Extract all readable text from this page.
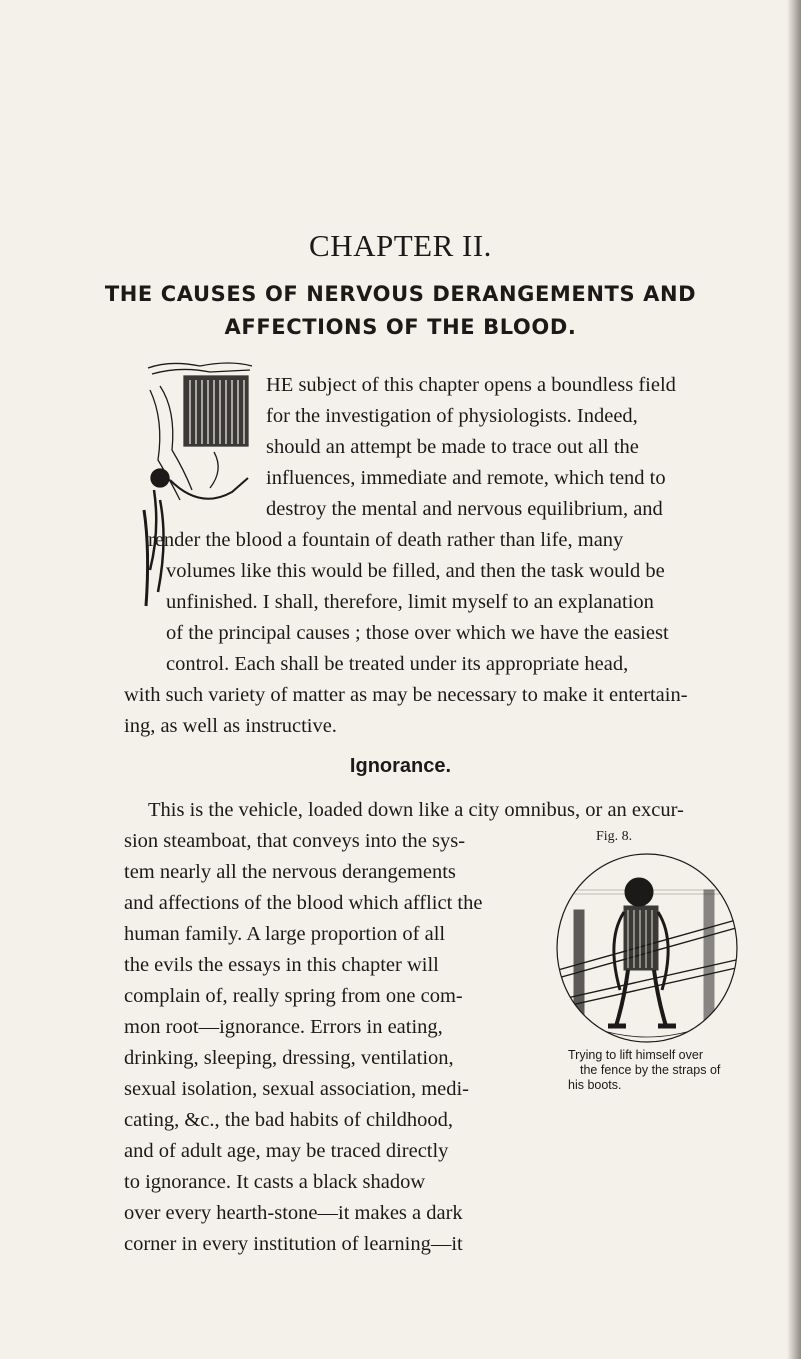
CHAPTER II.
THE CAUSES OF NERVOUS DERANGEMENTS AND
AFFECTIONS OF THE BLOOD.
HE subject of this chapter opens a boundless field
for the investigation of physiologists. Indeed,
should an attempt be made to trace out all the
influences, immediate and remote, which tend to
destroy the mental and nervous equilibrium, and
render the blood a fountain of death rather than life, many
volumes like this would be filled, and then the task would be
unfinished. I shall, therefore, limit myself to an explanation
of the principal causes ; those over which we have the easiest
control. Each shall be treated under its appropriate head,
with such variety of matter as may be necessary to make it entertain-
ing, as well as instructive.
Ignorance.
This is the vehicle, loaded down like a city omnibus, or an excur-
sion steamboat, that conveys into the sys-
tem nearly all the nervous derangements
and affections of the blood which afflict the
human family. A large proportion of all
the evils the essays in this chapter will
complain of, really spring from one com-
mon root—ignorance. Errors in eating,
drinking, sleeping, dressing, ventilation,
sexual isolation, sexual association, medi-
cating, &c., the bad habits of childhood,
and of adult age, may be traced directly
to ignorance. It casts a black shadow
over every hearth-stone—it makes a dark
corner in every institution of learning—it
Fig. 8.
Trying to lift himself over
the fence by the straps of
his boots.
